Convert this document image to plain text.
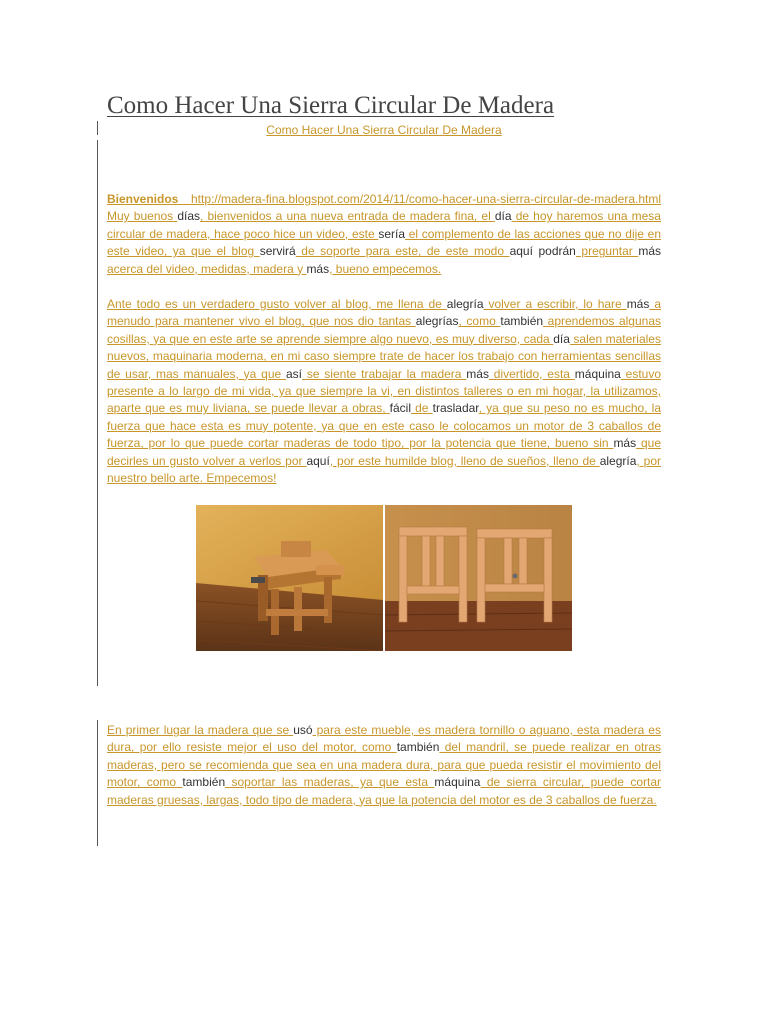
Como Hacer Una Sierra Circular De Madera
Como Hacer Una Sierra Circular De Madera

Bienvenidos http://madera-fina.blogspot.com/2014/11/como-hacer-una-sierra-circular-de-madera.html Muy buenos días, bienvenidos a una nueva entrada de madera fina, el día de hoy haremos una mesa circular de madera, hace poco hice un video, este sería el complemento de las acciones que no dije en este video, ya que el blog servirá de soporte para este, de este modo aquí podrán preguntar más acerca del video, medidas, madera y más, bueno empecemos.

Ante todo es un verdadero gusto volver al blog, me llena de alegría volver a escribir, lo hare más a menudo para mantener vivo el blog, que nos dio tantas alegrías, como también aprendemos algunas cosillas, ya que en este arte se aprende siempre algo nuevo, es muy diverso, cada día salen materiales nuevos, maquinaria moderna, en mi caso siempre trate de hacer los trabajo con herramientas sencillas de usar, mas manuales, ya que así se siente trabajar la madera más divertido, esta máquina estuvo presente a lo largo de mi vida, ya que siempre la vi, en distintos talleres o en mi hogar, la utilizamos, aparte que es muy liviana, se puede llevar a obras, fácil de trasladar, ya que su peso no es mucho, la fuerza que hace esta es muy potente, ya que en este caso le colocamos un motor de 3 caballos de fuerza, por lo que puede cortar maderas de todo tipo, por la potencia que tiene, bueno sin más que decirles un gusto volver a verlos por aquí, por este humilde blog, lleno de sueños, lleno de alegría, por nuestro bello arte. Empecemos!

En primer lugar la madera que se usó para este mueble, es madera tornillo o aguano, esta madera es dura, por ello resiste mejor el uso del motor, como también del mandril, se puede realizar en otras maderas, pero se recomienda que sea en una madera dura, para que pueda resistir el movimiento del motor, como también soportar las maderas, ya que esta máquina de sierra circular, puede cortar maderas gruesas, largas, todo tipo de madera, ya que la potencia del motor es de 3 caballos de fuerza.
